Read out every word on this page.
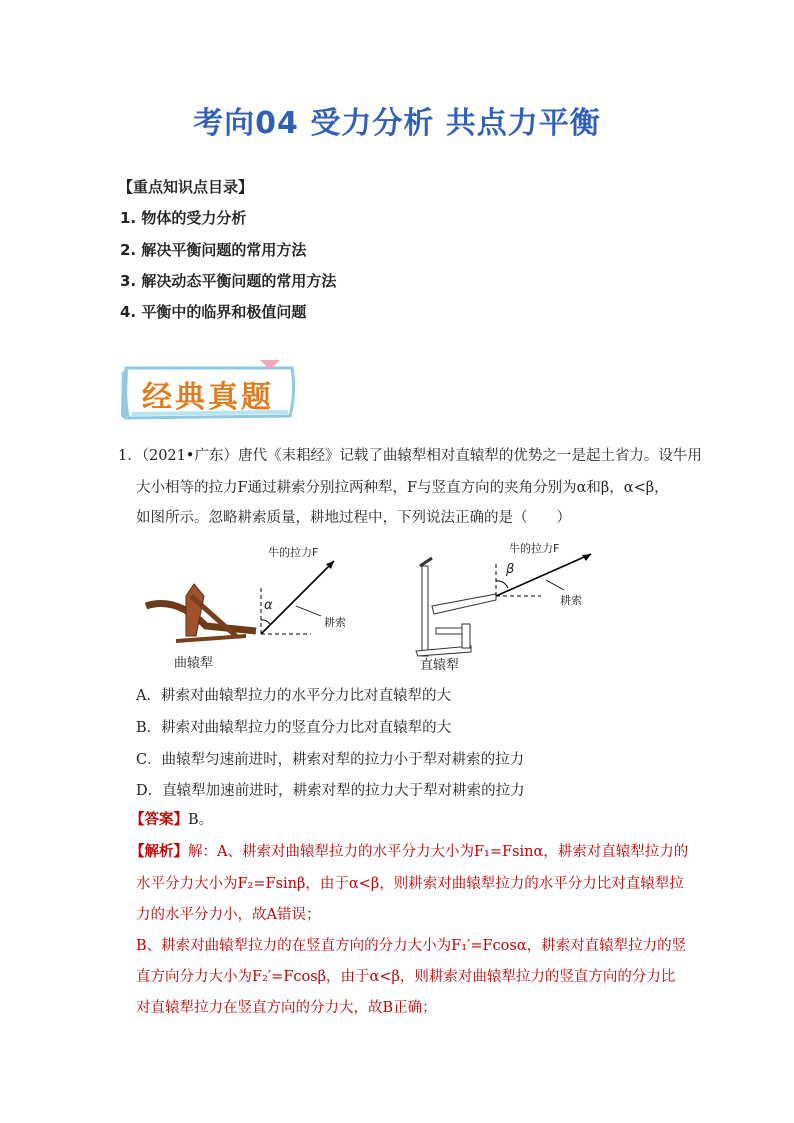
考向04 受力分析 共点力平衡
【重点知识点目录】
1. 物体的受力分析
2. 解决平衡问题的常用方法
3. 解决动态平衡问题的常用方法
4. 平衡中的临界和极值问题
经典真题
1．（2021•广东）唐代《耒耜经》记载了曲辕犁相对直辕犁的优势之一是起土省力。设牛用
大小相等的拉力F通过耕索分别拉两种犁，F与竖直方向的夹角分别为α和β，α<β，
如图所示。忽略耕索质量，耕地过程中，下列说法正确的是（　　）
牛的拉力F
α
耕索
曲辕犁
牛的拉力F
β
耕索
直辕犁
A．耕索对曲辕犁拉力的水平分力比对直辕犁的大
B．耕索对曲辕犁拉力的竖直分力比对直辕犁的大
C．曲辕犁匀速前进时，耕索对犁的拉力小于犁对耕索的拉力
D．直辕犁加速前进时，耕索对犁的拉力大于犁对耕索的拉力
【答案】B。
【解析】解：A、耕索对曲辕犁拉力的水平分力大小为F₁=Fsinα，耕索对直辕犁拉力的
水平分力大小为F₂=Fsinβ，由于α<β，则耕索对曲辕犁拉力的水平分力比对直辕犁拉
力的水平分力小，故A错误；
B、耕索对曲辕犁拉力的在竖直方向的分力大小为F₁′=Fcosα，耕索对直辕犁拉力的竖
直方向分力大小为F₂′=Fcosβ，由于α<β，则耕索对曲辕犁拉力的竖直方向的分力比
对直辕犁拉力在竖直方向的分力大，故B正确；
